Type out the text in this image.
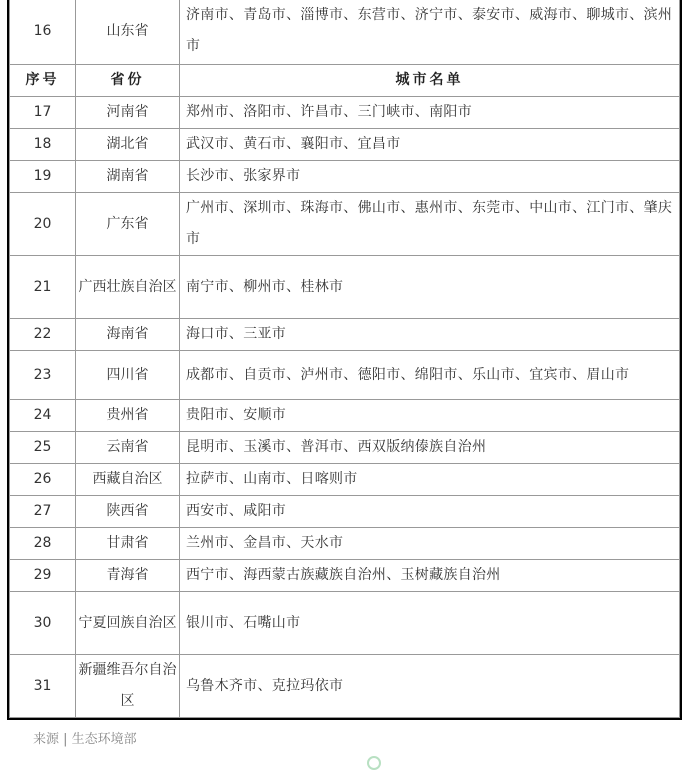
16	山东省	济南市、青岛市、淄博市、东营市、济宁市、泰安市、威海市、聊城市、滨州市
序号	省份	城市名单
17	河南省	郑州市、洛阳市、许昌市、三门峡市、南阳市
18	湖北省	武汉市、黄石市、襄阳市、宜昌市
19	湖南省	长沙市、张家界市
20	广东省	广州市、深圳市、珠海市、佛山市、惠州市、东莞市、中山市、江门市、肇庆市
21	广西壮族自治区	南宁市、柳州市、桂林市
22	海南省	海口市、三亚市
23	四川省	成都市、自贡市、泸州市、德阳市、绵阳市、乐山市、宜宾市、眉山市
24	贵州省	贵阳市、安顺市
25	云南省	昆明市、玉溪市、普洱市、西双版纳傣族自治州
26	西藏自治区	拉萨市、山南市、日喀则市
27	陕西省	西安市、咸阳市
28	甘肃省	兰州市、金昌市、天水市
29	青海省	西宁市、海西蒙古族藏族自治州、玉树藏族自治州
30	宁夏回族自治区	银川市、石嘴山市
31	新疆维吾尔自治区	乌鲁木齐市、克拉玛依市
来源 | 生态环境部
